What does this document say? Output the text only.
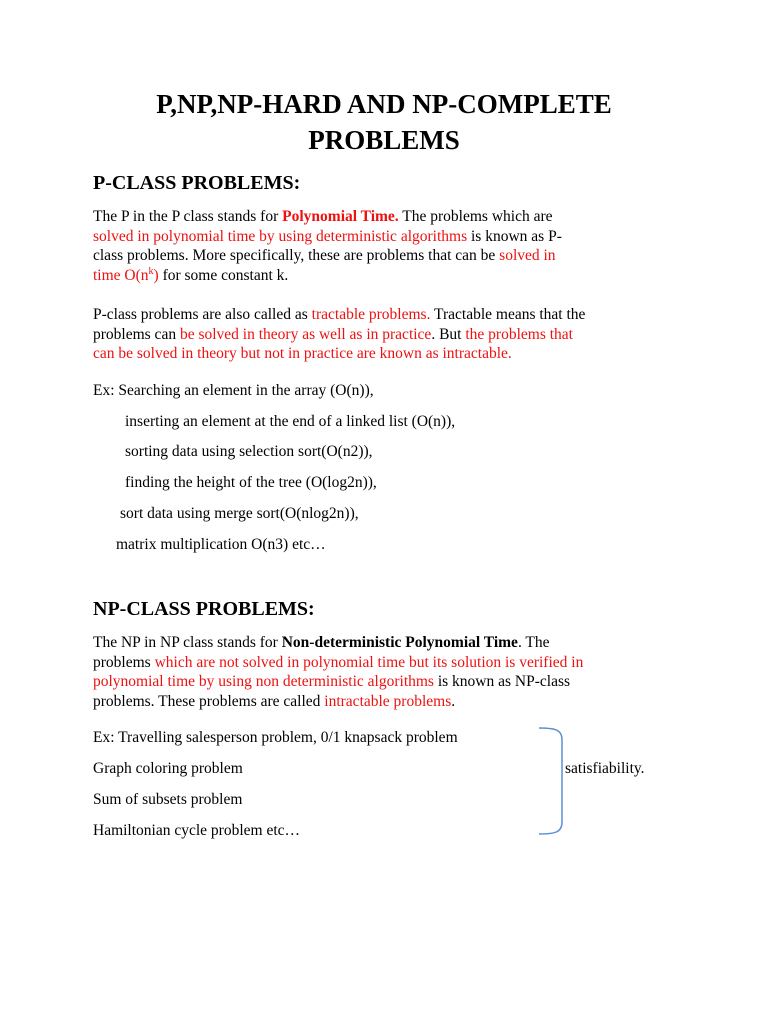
P,NP,NP-HARD AND NP-COMPLETE
PROBLEMS
P-CLASS PROBLEMS:

The P in the P class stands for Polynomial Time. The problems which are
solved in polynomial time by using deterministic algorithms is known as P-
class problems. More specifically, these are problems that can be solved in
time $O(n^k)$ for some constant k.

P-class problems are also called as tractable problems. Tractable means that the
problems can be solved in theory as well as in practice. But the problems that
can be solved in theory but not in practice are known as intractable.

Ex: Searching an element in the array (O(n)),

inserting an element at the end of a linked list (O(n)),

sorting data using selection sort(O(n2)),

finding the height of the tree (O(log2n)),

sort data using merge sort(O(nlog2n)),

matrix multiplication O(n3) etc…

NP-CLASS PROBLEMS:

The NP in NP class stands for Non-deterministic Polynomial Time. The
problems which are not solved in polynomial time but its solution is verified in
polynomial time by using non deterministic algorithms is known as NP-class
problems. These problems are called intractable problems.

Ex: Travelling salesperson problem, 0/1 knapsack problem

Graph coloring problem

Sum of subsets problem

Hamiltonian cycle problem etc…

satisfiability.
